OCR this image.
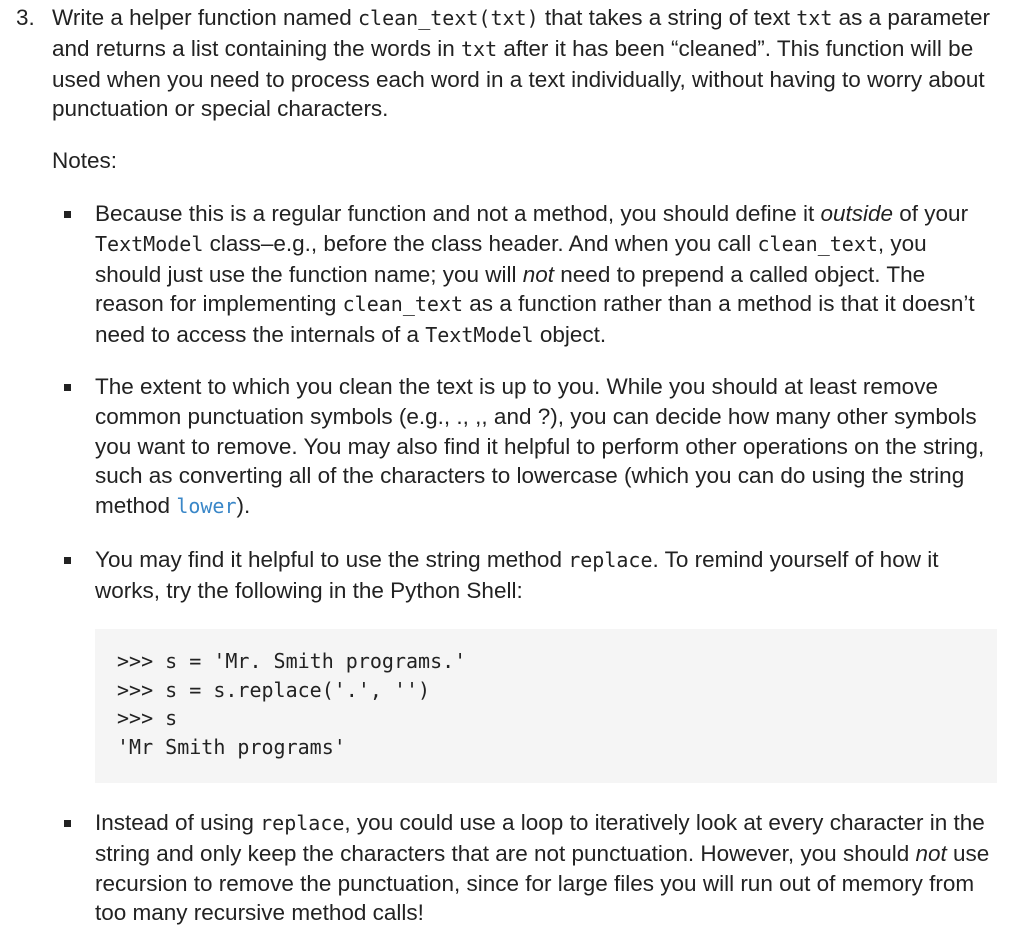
3. Write a helper function named clean_text(txt) that takes a string of text txt as a parameter and returns a list containing the words in txt after it has been “cleaned”. This function will be used when you need to process each word in a text individually, without having to worry about punctuation or special characters.
Notes:
Because this is a regular function and not a method, you should define it outside of your TextModel class–e.g., before the class header. And when you call clean_text, you should just use the function name; you will not need to prepend a called object. The reason for implementing clean_text as a function rather than a method is that it doesn’t need to access the internals of a TextModel object.
The extent to which you clean the text is up to you. While you should at least remove common punctuation symbols (e.g., ., ,, and ?), you can decide how many other symbols you want to remove. You may also find it helpful to perform other operations on the string, such as converting all of the characters to lowercase (which you can do using the string method lower).
You may find it helpful to use the string method replace. To remind yourself of how it works, try the following in the Python Shell:
>>> s = 'Mr. Smith programs.'
>>> s = s.replace('.', '')
>>> s
'Mr Smith programs'
Instead of using replace, you could use a loop to iteratively look at every character in the string and only keep the characters that are not punctuation. However, you should not use recursion to remove the punctuation, since for large files you will run out of memory from too many recursive method calls!
